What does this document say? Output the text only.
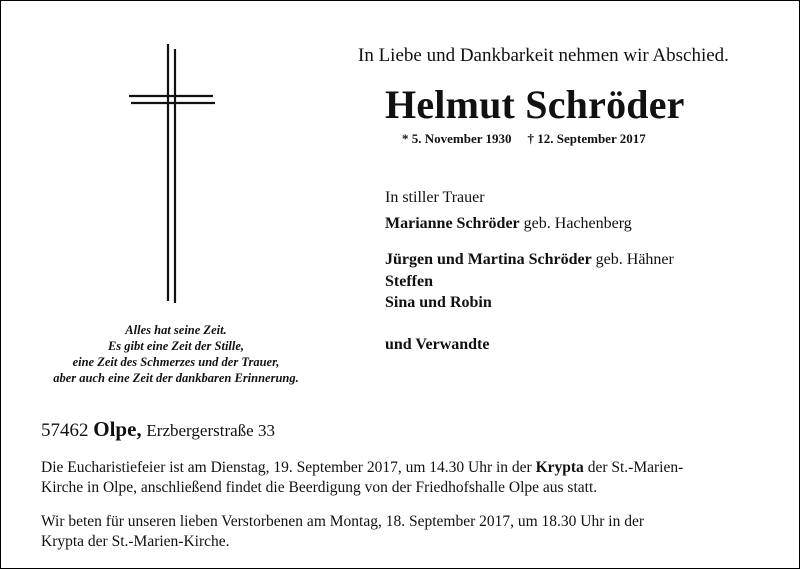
Alles hat seine Zeit.
Es gibt eine Zeit der Stille,
eine Zeit des Schmerzes und der Trauer,
aber auch eine Zeit der dankbaren Erinnerung.
In Liebe und Dankbarkeit nehmen wir Abschied.
Helmut Schröder
* 5. November 1930 † 12. September 2017
In stiller Trauer
Marianne Schröder geb. Hachenberg
Jürgen und Martina Schröder geb. Hähner
Steffen
Sina und Robin
und Verwandte
57462 Olpe, Erzbergerstraße 33
Die Eucharistiefeier ist am Dienstag, 19. September 2017, um 14.30 Uhr in der Krypta der St.-Marien-
Kirche in Olpe, anschließend findet die Beerdigung von der Friedhofshalle Olpe aus statt.
Wir beten für unseren lieben Verstorbenen am Montag, 18. September 2017, um 18.30 Uhr in der
Krypta der St.-Marien-Kirche.
